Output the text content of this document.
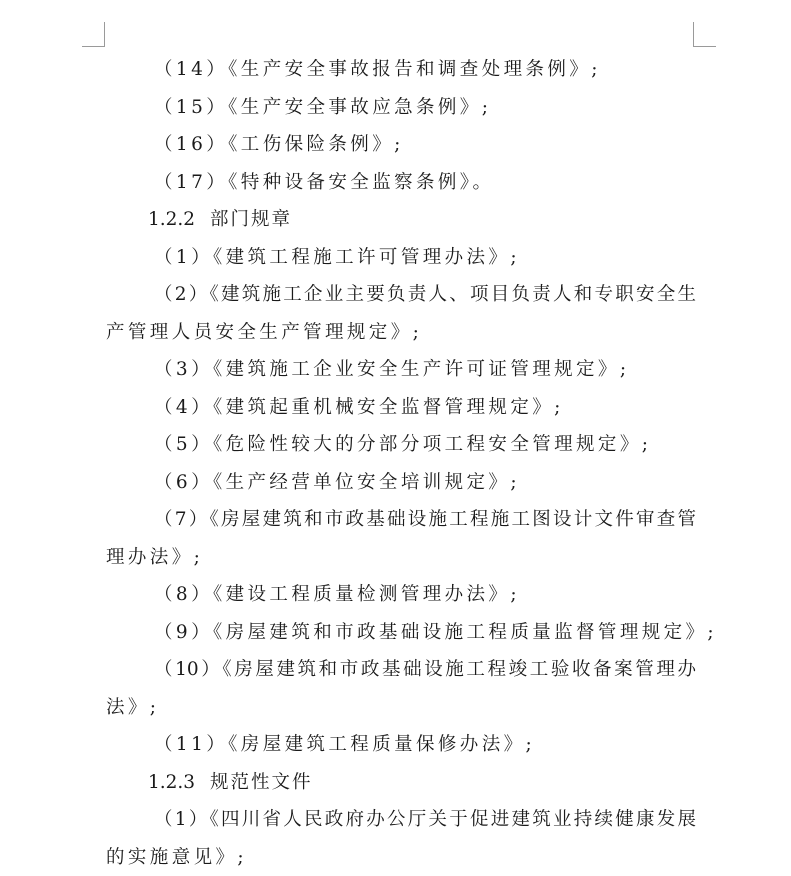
（14）《生产安全事故报告和调查处理条例》;
（15）《生产安全事故应急条例》;
（16）《工伤保险条例》;
（17）《特种设备安全监察条例》。
1.2.2 部门规章
（1）《建筑工程施工许可管理办法》;
（2）《建筑施工企业主要负责人、项目负责人和专职安全生
产管理人员安全生产管理规定》;
（3）《建筑施工企业安全生产许可证管理规定》;
（4）《建筑起重机械安全监督管理规定》;
（5）《危险性较大的分部分项工程安全管理规定》;
（6）《生产经营单位安全培训规定》;
（7）《房屋建筑和市政基础设施工程施工图设计文件审查管
理办法》;
（8）《建设工程质量检测管理办法》;
（9）《房屋建筑和市政基础设施工程质量监督管理规定》;
（10）《房屋建筑和市政基础设施工程竣工验收备案管理办
法》;
（11）《房屋建筑工程质量保修办法》;
1.2.3 规范性文件
（1）《四川省人民政府办公厅关于促进建筑业持续健康发展
的实施意见》;
